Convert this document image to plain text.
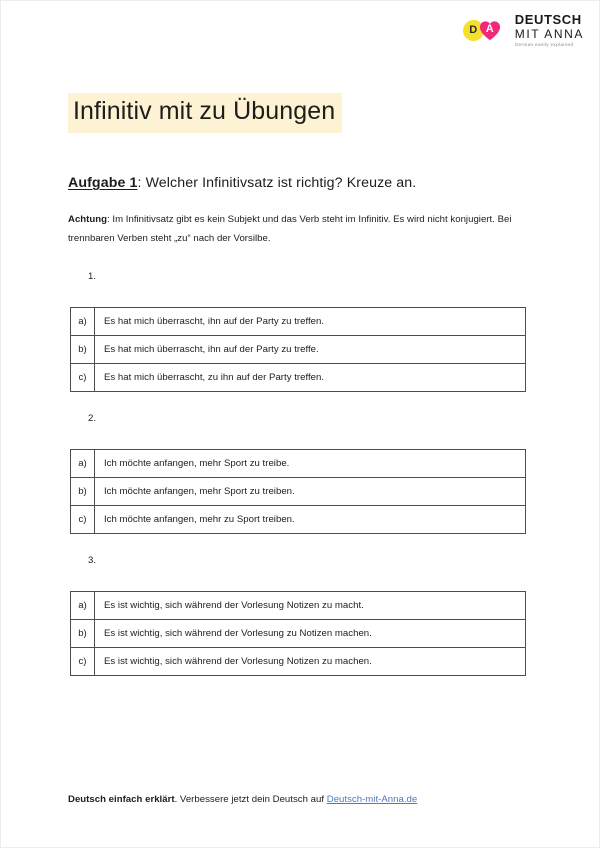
D A
DEUTSCH
MIT ANNA
German easily explained
Infinitiv mit zu Übungen
Aufgabe 1: Welcher Infinitivsatz ist richtig? Kreuze an.
Achtung: Im Infinitivsatz gibt es kein Subjekt und das Verb steht im Infinitiv. Es wird nicht konjugiert. Bei trennbaren Verben steht „zu“ nach der Vorsilbe.
1.
a)	Es hat mich überrascht, ihn auf der Party zu treffen.
b)	Es hat mich überrascht, ihn auf der Party zu treffe.
c)	Es hat mich überrascht, zu ihn auf der Party treffen.
2.
a)	Ich möchte anfangen, mehr Sport zu treibe.
b)	Ich möchte anfangen, mehr Sport zu treiben.
c)	Ich möchte anfangen, mehr zu Sport treiben.
3.
a)	Es ist wichtig, sich während der Vorlesung Notizen zu macht.
b)	Es ist wichtig, sich während der Vorlesung zu Notizen machen.
c)	Es ist wichtig, sich während der Vorlesung Notizen zu machen.
Deutsch einfach erklärt. Verbessere jetzt dein Deutsch auf Deutsch-mit-Anna.de
